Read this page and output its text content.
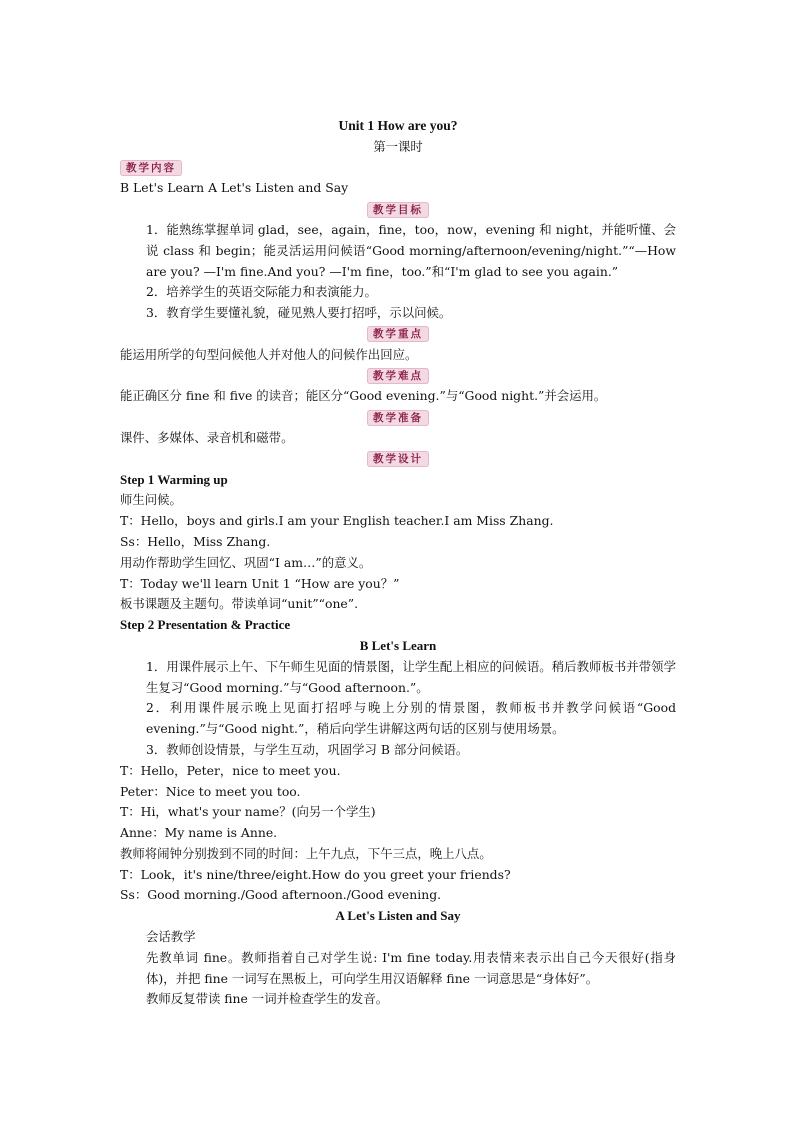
Unit 1 How are you?
第一课时
教学内容
B Let's Learn A Let's Listen and Say
教学目标
1．能熟练掌握单词 glad，see，again，fine，too，now，evening 和 night，并能听懂、会说 class 和 begin；能灵活运用问候语“Good morning/afternoon/evening/night.”“—How are you? —I'm fine.And you? —I'm fine，too.”和“I'm glad to see you again.”
2．培养学生的英语交际能力和表演能力。
3．教育学生要懂礼貌，碰见熟人要打招呼，示以问候。
教学重点
能运用所学的句型问候他人并对他人的问候作出回应。
教学难点
能正确区分 fine 和 five 的读音；能区分“Good evening.”与“Good night.”并会运用。
教学准备
课件、多媒体、录音机和磁带。
教学设计
Step 1 Warming up
师生问候。
T：Hello，boys and girls.I am your English teacher.I am Miss Zhang.
Ss：Hello，Miss Zhang.
用动作帮助学生回忆、巩固“I am…”的意义。
T：Today we'll learn Unit 1 “How are you？”
板书课题及主题句。带读单词“unit”“one”.
Step 2 Presentation & Practice
B Let's Learn
1．用课件展示上午、下午师生见面的情景图，让学生配上相应的问候语。稍后教师板书并带领学生复习“Good morning.”与“Good afternoon.”。
2．利用课件展示晚上见面打招呼与晚上分别的情景图，教师板书并教学问候语“Good evening.”与“Good night.”，稍后向学生讲解这两句话的区别与使用场景。
3．教师创设情景，与学生互动，巩固学习 B 部分问候语。
T：Hello，Peter，nice to meet you.
Peter：Nice to meet you too.
T：Hi，what's your name？(向另一个学生)
Anne：My name is Anne.
教师将闹钟分别拨到不同的时间：上午九点，下午三点，晚上八点。
T：Look，it's nine/three/eight.How do you greet your friends?
Ss：Good morning./Good afternoon./Good evening.
A Let's Listen and Say
会话教学
先教单词 fine。教师指着自己对学生说: I'm fine today.用表情来表示出自己今天很好(指身体)，并把 fine 一词写在黑板上，可向学生用汉语解释 fine 一词意思是“身体好”。
教师反复带读 fine 一词并检查学生的发音。
